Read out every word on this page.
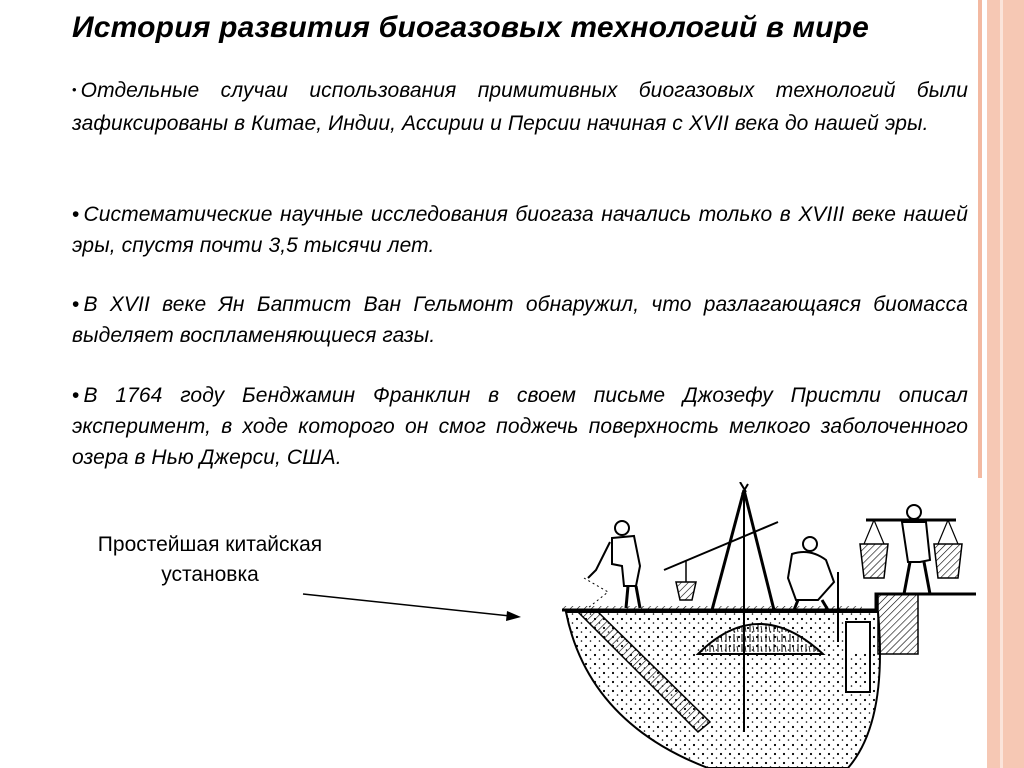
История развития биогазовых технологий в мире
• Отдельные случаи использования примитивных биогазовых технологий были зафиксированы в Китае, Индии, Ассирии и Персии начиная с XVII века до нашей эры.
• Систематические научные исследования биогаза начались только в XVIII веке нашей эры, спустя почти 3,5 тысячи лет.
• В XVII веке Ян Баптист Ван Гельмонт обнаружил, что разлагающаяся биомасса выделяет воспламеняющиеся газы.
• В 1764 году Бенджамин Франклин в своем письме Джозефу Пристли описал эксперимент, в ходе которого он смог поджечь поверхность мелкого заболоченного озера в Нью Джерси, США.
Простейшая китайская установка
